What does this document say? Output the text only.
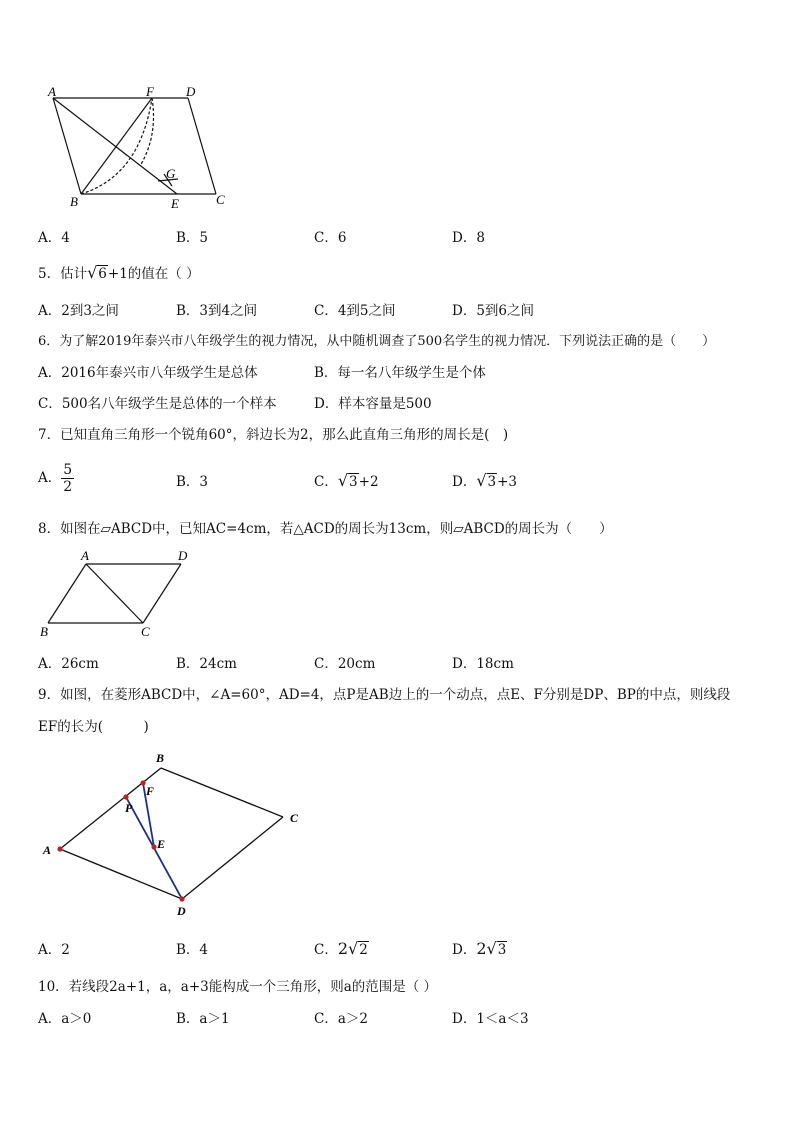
A	F D
G
B	E	C
A．4	B．5	C．6	D．8
5．估计√6+1的值在（ ）
A．2到3之间	B．3到4之间	C．4到5之间	D．5到6之间
6．为了解2019年泰兴市八年级学生的视力情况，从中随机调查了500名学生的视力情况．下列说法正确的是（　　）
A．2016年泰兴市八年级学生是总体	B．每一名八年级学生是个体
C．500名八年级学生是总体的一个样本	D．样本容量是500
7．已知直角三角形一个锐角60°，斜边长为2，那么此直角三角形的周长是(　)
A． $\frac{5}{2}$	B．3	C．√3+2	D．√3+3
8．如图在▱ABCD中，已知AC=4cm，若△ACD的周长为13cm，则▱ABCD的周长为（　　）
A	D
B	C
A．26cm	B．24cm	C．20cm	D．18cm
9．如图，在菱形ABCD中，∠A=60°，AD=4，点P是AB边上的一个动点，点E、F分别是DP、BP的中点，则线段
EF的长为(　　　)
B
F
P
C
E
A
D
A．2	B．4	C．2√2	D．2√3
10．若线段2a+1，a，a+3能构成一个三角形，则a的范围是（ ）
A．a＞0	B．a＞1	C．a＞2	D．1＜a＜3
